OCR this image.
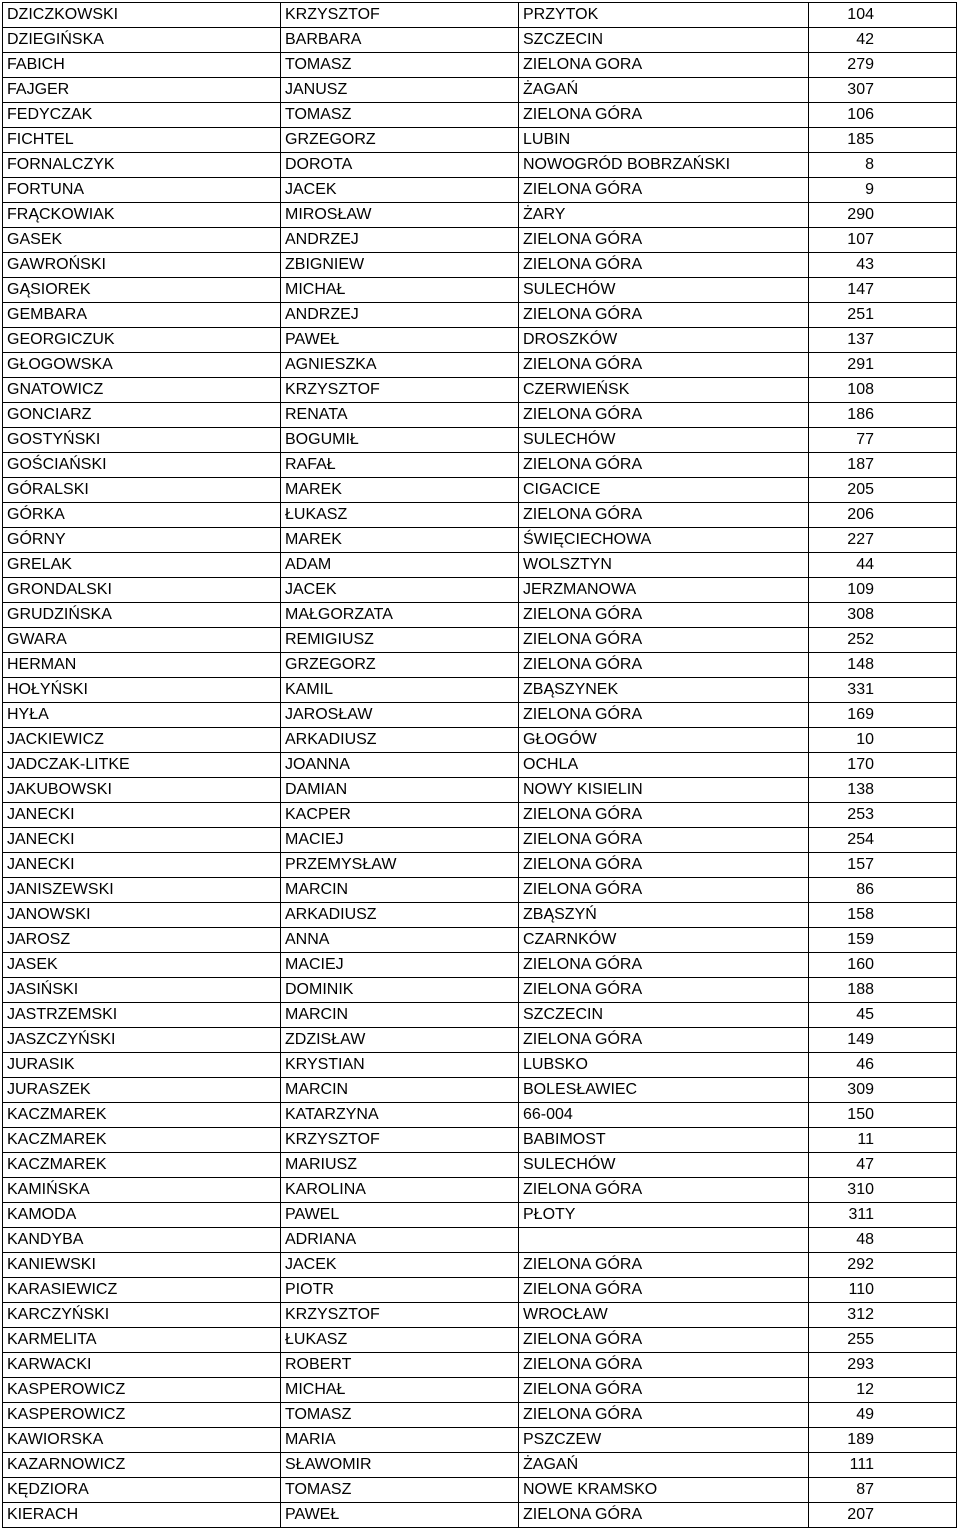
DZICZKOWSKI	KRZYSZTOF	PRZYTOK	104
DZIEGIŃSKA	BARBARA	SZCZECIN	42
FABICH	TOMASZ	ZIELONA GORA	279
FAJGER	JANUSZ	ŻAGAŃ	307
FEDYCZAK	TOMASZ	ZIELONA GÓRA	106
FICHTEL	GRZEGORZ	LUBIN	185
FORNALCZYK	DOROTA	NOWOGRÓD BOBRZAŃSKI	8
FORTUNA	JACEK	ZIELONA GÓRA	9
FRĄCKOWIAK	MIROSŁAW	ŻARY	290
GASEK	ANDRZEJ	ZIELONA GÓRA	107
GAWROŃSKI	ZBIGNIEW	ZIELONA GÓRA	43
GĄSIOREK	MICHAŁ	SULECHÓW	147
GEMBARA	ANDRZEJ	ZIELONA GÓRA	251
GEORGICZUK	PAWEŁ	DROSZKÓW	137
GŁOGOWSKA	AGNIESZKA	ZIELONA GÓRA	291
GNATOWICZ	KRZYSZTOF	CZERWIEŃSK	108
GONCIARZ	RENATA	ZIELONA GÓRA	186
GOSTYŃSKI	BOGUMIŁ	SULECHÓW	77
GOŚCIAŃSKI	RAFAŁ	ZIELONA GÓRA	187
GÓRALSKI	MAREK	CIGACICE	205
GÓRKA	ŁUKASZ	ZIELONA GÓRA	206
GÓRNY	MAREK	ŚWIĘCIECHOWA	227
GRELAK	ADAM	WOLSZTYN	44
GRONDALSKI	JACEK	JERZMANOWA	109
GRUDZIŃSKA	MAŁGORZATA	ZIELONA GÓRA	308
GWARA	REMIGIUSZ	ZIELONA GÓRA	252
HERMAN	GRZEGORZ	ZIELONA GÓRA	148
HOŁYŃSKI	KAMIL	ZBĄSZYNEK	331
HYŁA	JAROSŁAW	ZIELONA GÓRA	169
JACKIEWICZ	ARKADIUSZ	GŁOGÓW	10
JADCZAK-LITKE	JOANNA	OCHLA	170
JAKUBOWSKI	DAMIAN	NOWY KISIELIN	138
JANECKI	KACPER	ZIELONA GÓRA	253
JANECKI	MACIEJ	ZIELONA GÓRA	254
JANECKI	PRZEMYSŁAW	ZIELONA GÓRA	157
JANISZEWSKI	MARCIN	ZIELONA GÓRA	86
JANOWSKI	ARKADIUSZ	ZBĄSZYŃ	158
JAROSZ	ANNA	CZARNKÓW	159
JASEK	MACIEJ	ZIELONA GÓRA	160
JASIŃSKI	DOMINIK	ZIELONA GÓRA	188
JASTRZEMSKI	MARCIN	SZCZECIN	45
JASZCZYŃSKI	ZDZISŁAW	ZIELONA GÓRA	149
JURASIK	KRYSTIAN	LUBSKO	46
JURASZEK	MARCIN	BOLESŁAWIEC	309
KACZMAREK	KATARZYNA	66-004	150
KACZMAREK	KRZYSZTOF	BABIMOST	11
KACZMAREK	MARIUSZ	SULECHÓW	47
KAMIŃSKA	KAROLINA	ZIELONA GÓRA	310
KAMODA	PAWEL	PŁOTY	311
KANDYBA	ADRIANA		48
KANIEWSKI	JACEK	ZIELONA GÓRA	292
KARASIEWICZ	PIOTR	ZIELONA GÓRA	110
KARCZYŃSKI	KRZYSZTOF	WROCŁAW	312
KARMELITA	ŁUKASZ	ZIELONA GÓRA	255
KARWACKI	ROBERT	ZIELONA GÓRA	293
KASPEROWICZ	MICHAŁ	ZIELONA GÓRA	12
KASPEROWICZ	TOMASZ	ZIELONA GÓRA	49
KAWIORSKA	MARIA	PSZCZEW	189
KAZARNOWICZ	SŁAWOMIR	ŻAGAŃ	111
KĘDZIORA	TOMASZ	NOWE KRAMSKO	87
KIERACH	PAWEŁ	ZIELONA GÓRA	207
